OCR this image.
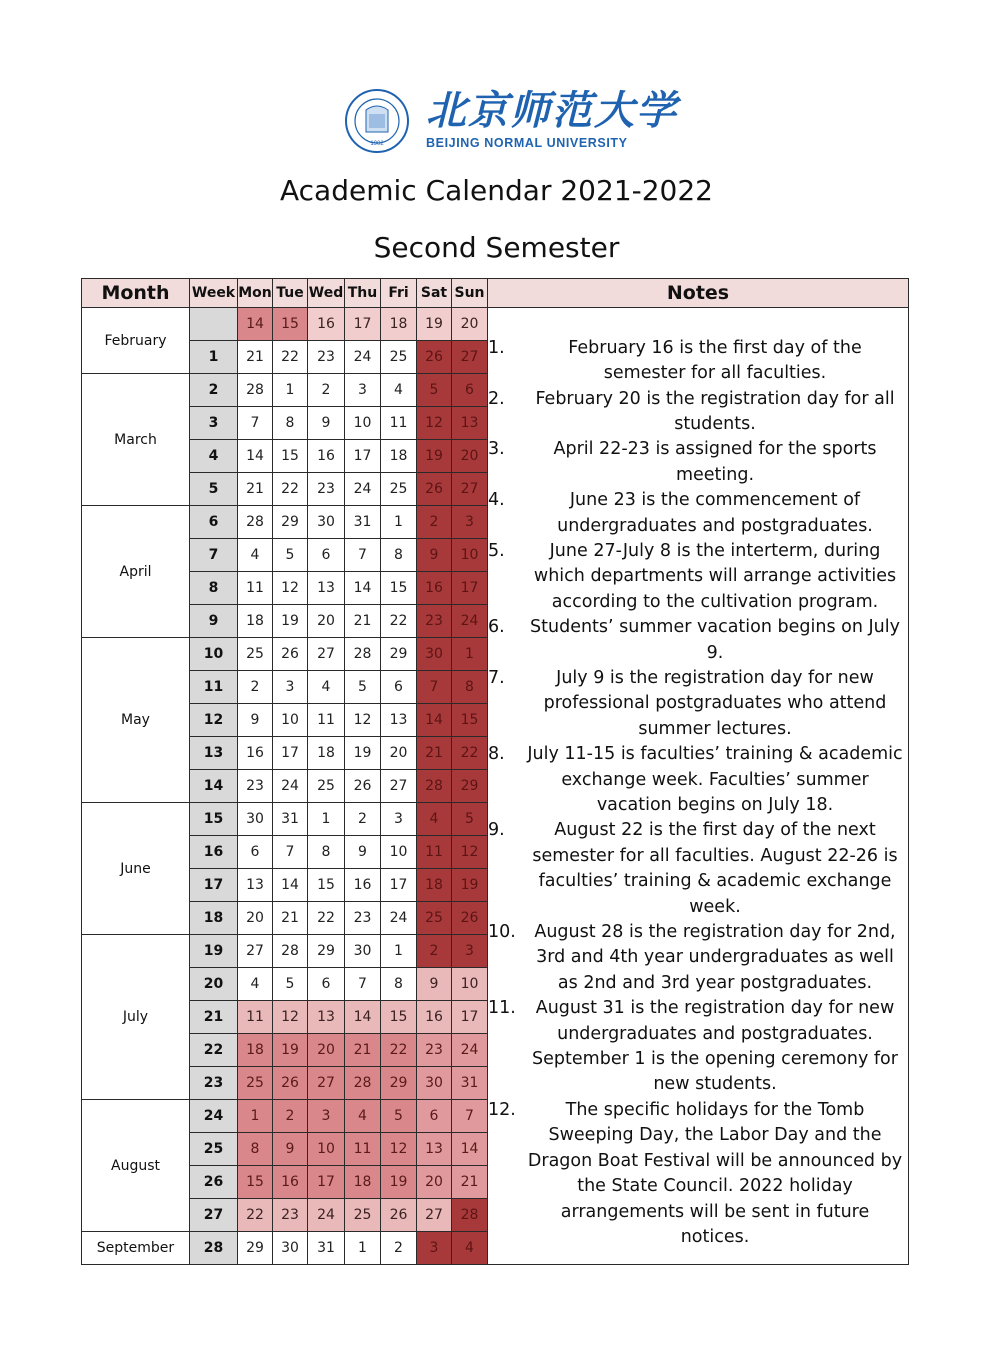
1902
北京师范大学
BEIJING NORMAL UNIVERSITY
Academic Calendar 2021-2022
Second Semester
Month	Week	Mon	Tue	Wed	Thu	Fri	Sat	Sun	Notes
February		14	15	16	17	18	19	20	
1.	February 16 is the first day of the semester for all faculties.
2. February 20 is the registration day for all students.
3.	April 22-23 is assigned for the sports meeting.
4.	June 23 is the commencement of undergraduates and postgraduates.
5.	June 27-July 8 is the interterm, during which departments will arrange activities according to the cultivation program.
6. Students’ summer vacation begins on July 9.
7.	July 9 is the registration day for new professional postgraduates who attend summer lectures.
8. July 11-15 is faculties’ training & academic exchange week. Faculties’ summer vacation begins on July 18.
9.	August 22 is the first day of the next semester for all faculties. August 22-26 is faculties’ training & academic exchange week.
10. August 28 is the registration day for 2nd, 3rd and 4th year undergraduates as well as 2nd and 3rd year postgraduates.
11. August 31 is the registration day for new undergraduates and postgraduates. September 1 is the opening ceremony for new students.
12.	The specific holidays for the Tomb Sweeping Day, the Labor Day and the Dragon Boat Festival will be announced by the State Council. 2022 holiday arrangements will be sent in future notices.

	1	21	22	23	24	25	26	27	
March	2	28	1	2	3	4	5	6	
	3	7	8	9	10	11	12	13	
	4	14	15	16	17	18	19	20	
	5	21	22	23	24	25	26	27	
April	6	28	29	30	31	1	2	3	
	7	4	5	6	7	8	9	10	
	8	11	12	13	14	15	16	17	
	9	18	19	20	21	22	23	24	
May	10	25	26	27	28	29	30	1	
	11	2	3	4	5	6	7	8	
	12	9	10	11	12	13	14	15	
	13	16	17	18	19	20	21	22	
	14	23	24	25	26	27	28	29	
June	15	30	31	1	2	3	4	5	
	16	6	7	8	9	10	11	12	
	17	13	14	15	16	17	18	19	
	18	20	21	22	23	24	25	26	
July	19	27	28	29	30	1	2	3	
	20	4	5	6	7	8	9	10	
	21	11	12	13	14	15	16	17	
	22	18	19	20	21	22	23	24	
	23	25	26	27	28	29	30	31	
August	24	1	2	3	4	5	6	7	
	25	8	9	10	11	12	13	14	
	26	15	16	17	18	19	20	21	
	27	22	23	24	25	26	27	28	
September	28	29	30	31	1	2	3	4	
